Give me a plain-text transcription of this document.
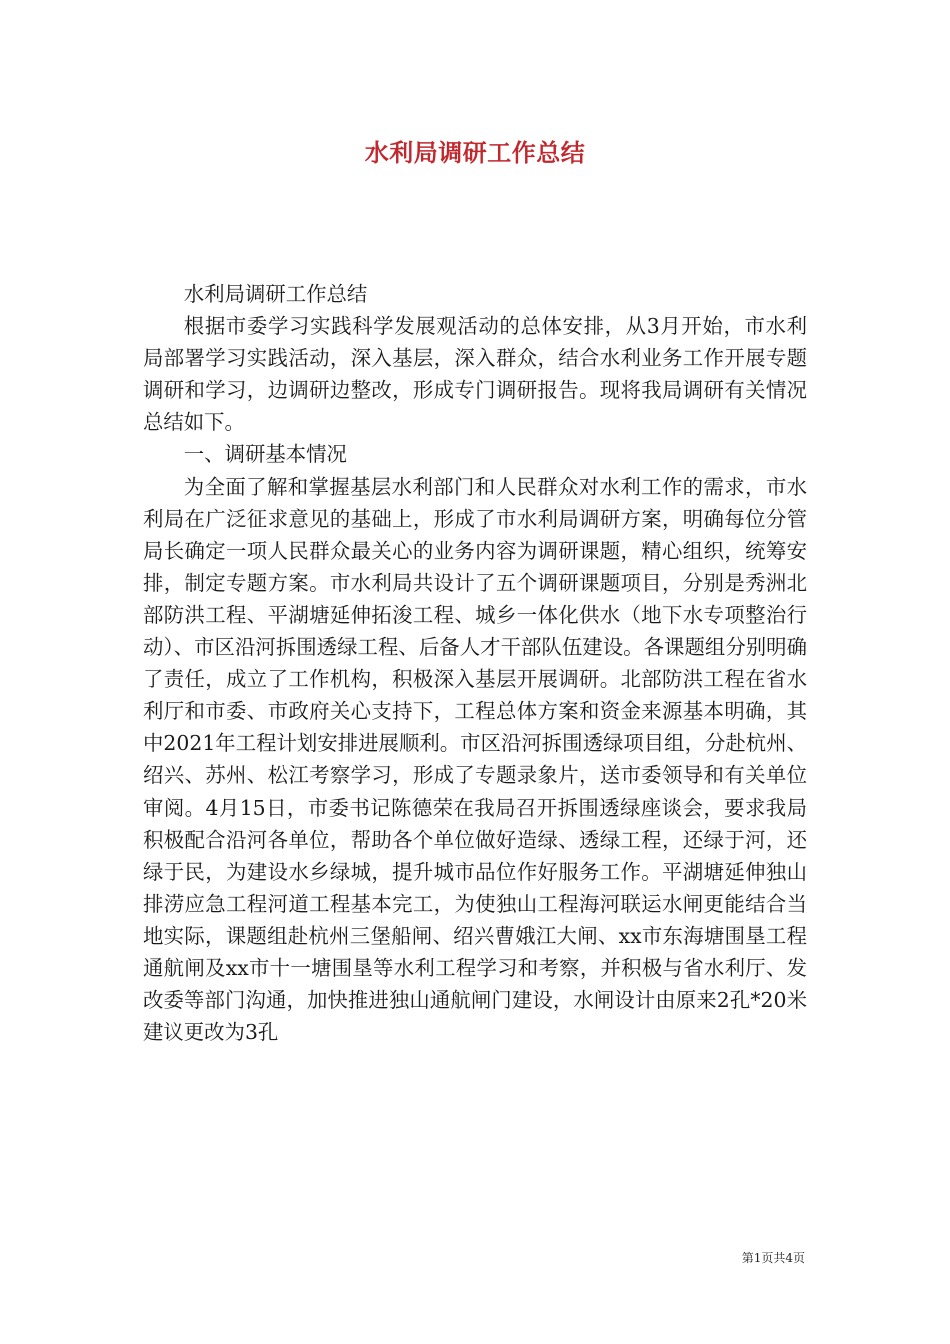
水利局调研工作总结

水利局调研工作总结

根据市委学习实践科学发展观活动的总体安排，从3月开始，市水利局部署学习实践活动，深入基层，深入群众，结合水利业务工作开展专题调研和学习，边调研边整改，形成专门调研报告。现将我局调研有关情况总结如下。

一、调研基本情况

为全面了解和掌握基层水利部门和人民群众对水利工作的需求，市水利局在广泛征求意见的基础上，形成了市水利局调研方案，明确每位分管局长确定一项人民群众最关心的业务内容为调研课题，精心组织，统筹安排，制定专题方案。市水利局共设计了五个调研课题项目，分别是秀洲北部防洪工程、平湖塘延伸拓浚工程、城乡一体化供水（地下水专项整治行动）、市区沿河拆围透绿工程、后备人才干部队伍建设。各课题组分别明确了责任，成立了工作机构，积极深入基层开展调研。北部防洪工程在省水利厅和市委、市政府关心支持下，工程总体方案和资金来源基本明确，其中2021年工程计划安排进展顺利。市区沿河拆围透绿项目组，分赴杭州、绍兴、苏州、松江考察学习，形成了专题录象片，送市委领导和有关单位审阅。4月15日，市委书记陈德荣在我局召开拆围透绿座谈会，要求我局积极配合沿河各单位，帮助各个单位做好造绿、透绿工程，还绿于河，还绿于民，为建设水乡绿城，提升城市品位作好服务工作。平湖塘延伸独山排涝应急工程河道工程基本完工，为使独山工程海河联运水闸更能结合当地实际，课题组赴杭州三堡船闸、绍兴曹娥江大闸、xx市东海塘围垦工程通航闸及xx市十一塘围垦等水利工程学习和考察，并积极与省水利厅、发改委等部门沟通，加快推进独山通航闸门建设，水闸设计由原来2孔*20米建议更改为3孔

第1页共4页
